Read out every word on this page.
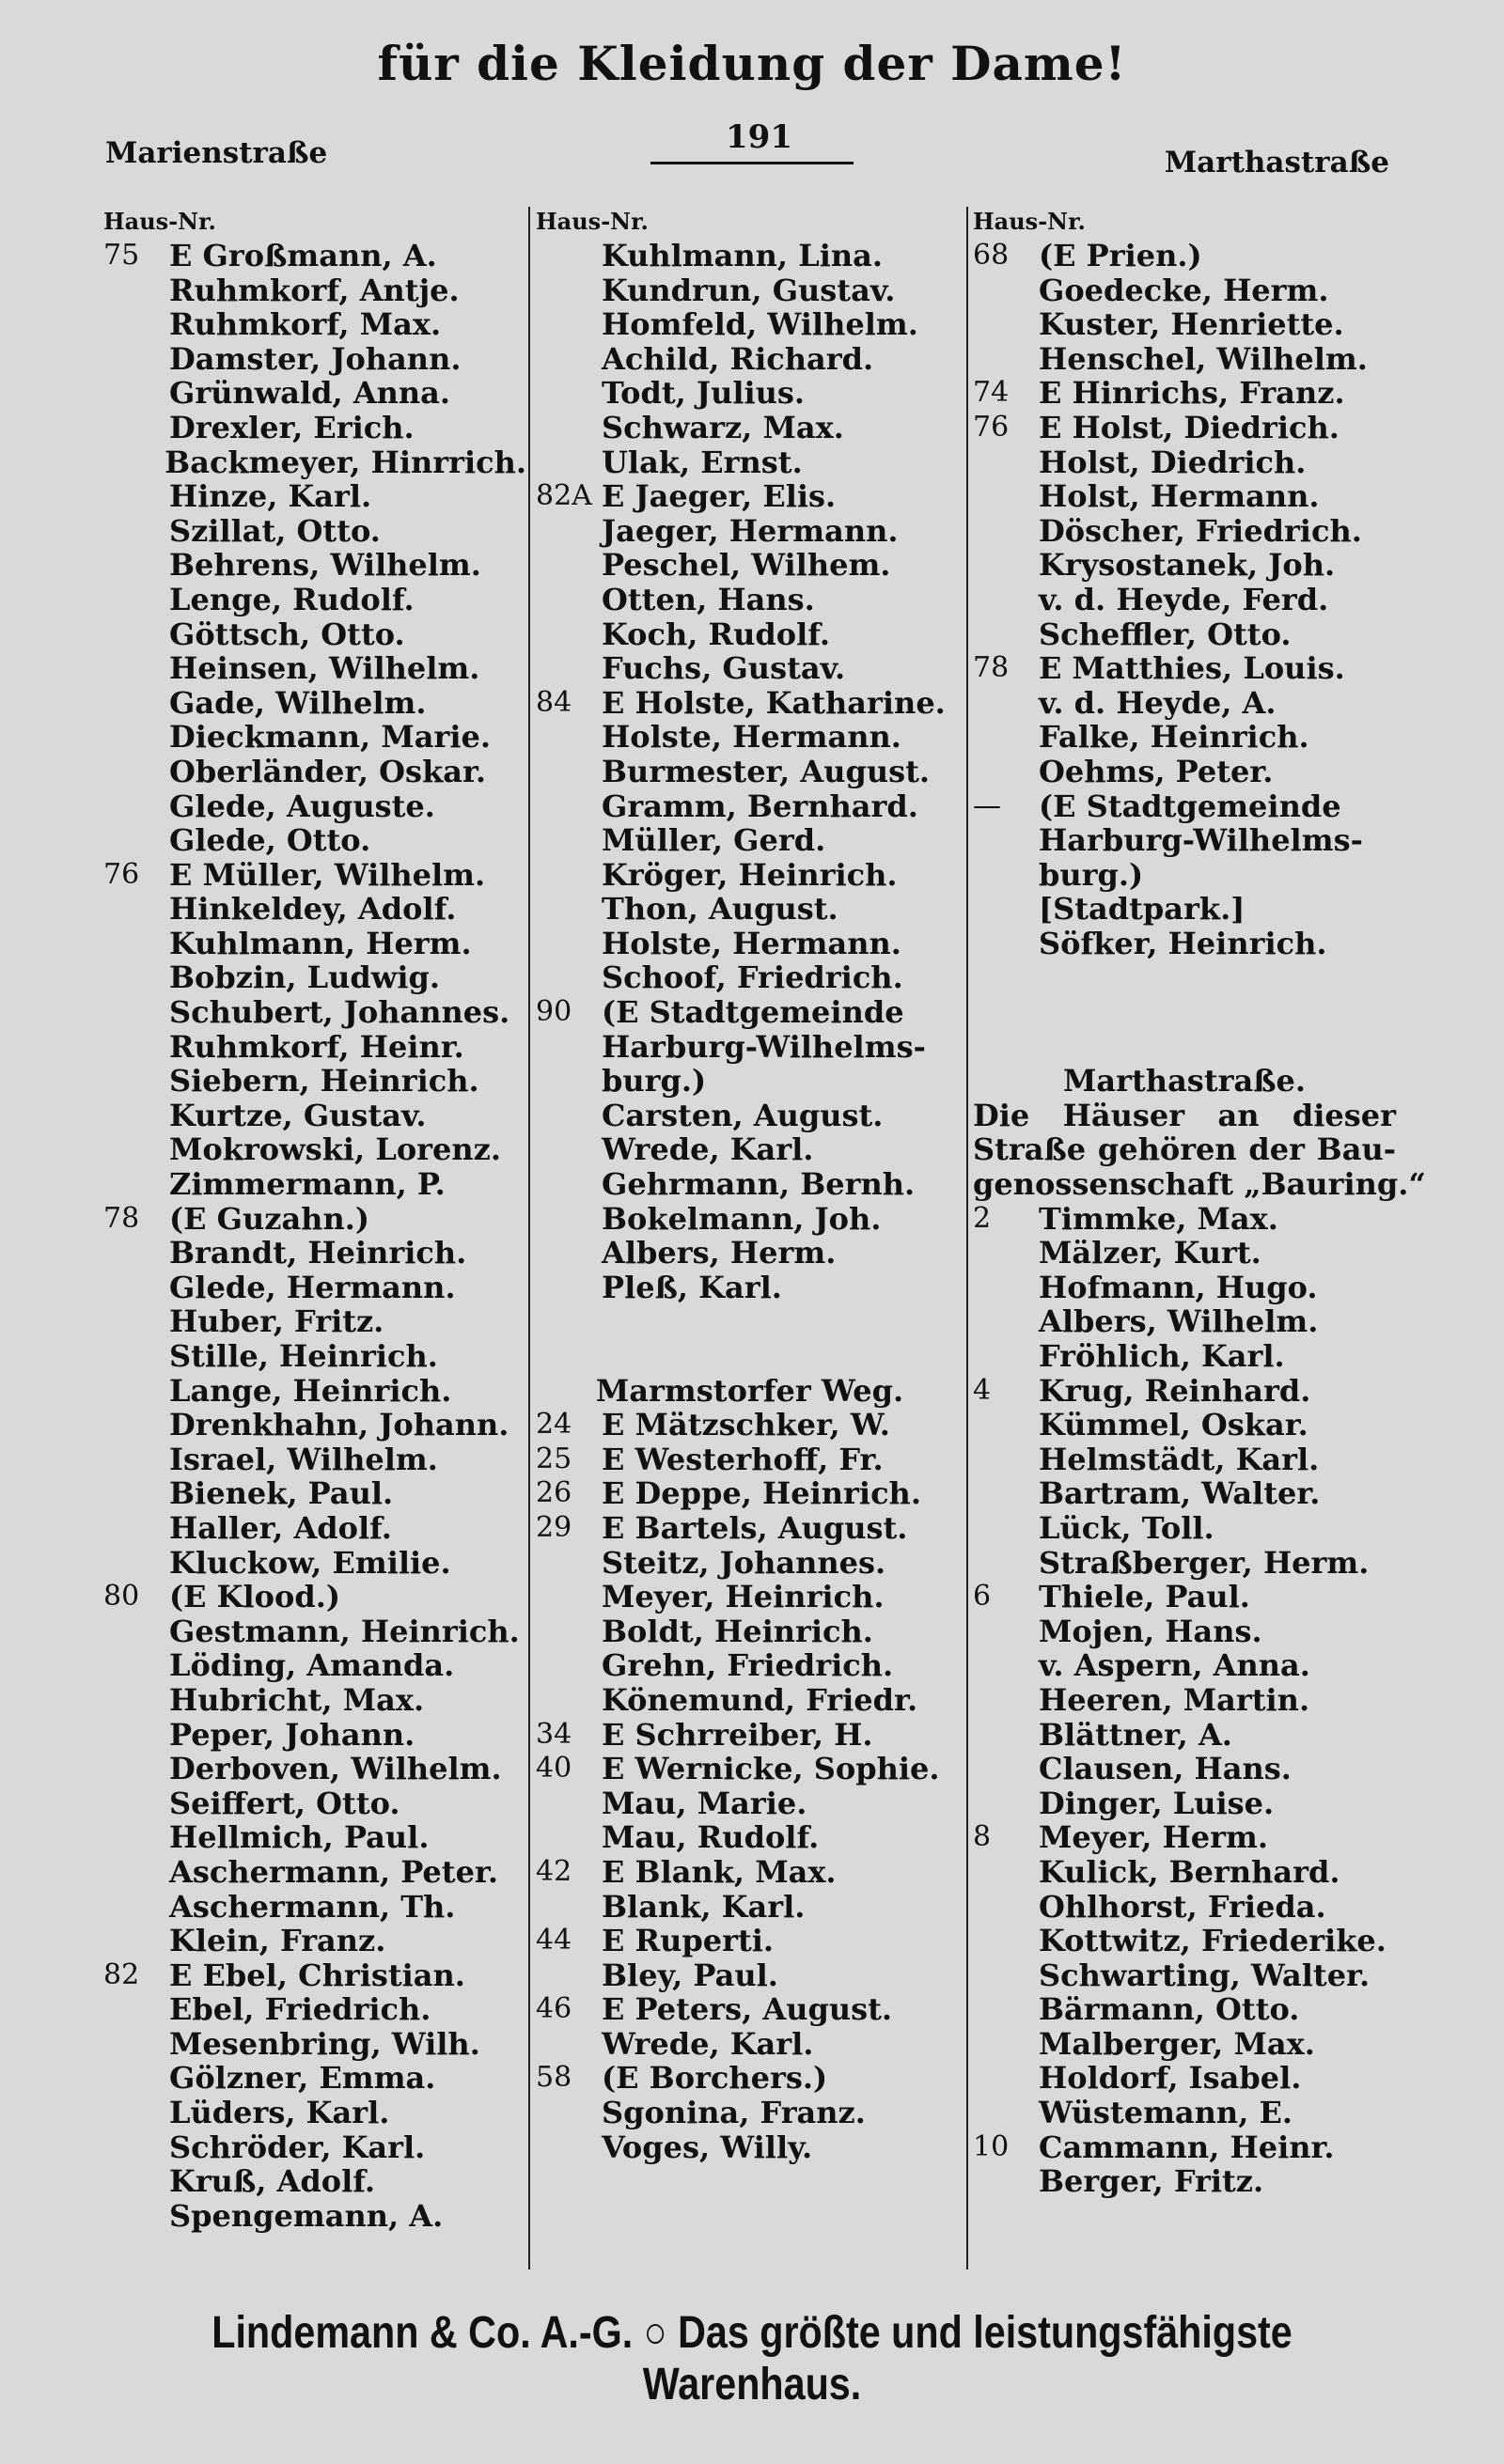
für die Kleidung der Dame!
Marienstraße	191
Marthastraße
Haus-Nr.
75 E Großmann, A.
Ruhmkorf, Antje.
Ruhmkorf, Max.
Damster, Johann.
Grünwald, Anna.
Drexler, Erich.
Backmeyer, Hinrrich.
Hinze, Karl.
Szillat, Otto.
Behrens, Wilhelm.
Lenge, Rudolf.
Göttsch, Otto.
Heinsen, Wilhelm.
Gade, Wilhelm.
Dieckmann, Marie.
Oberländer, Oskar.
Glede, Auguste.
Glede, Otto.
76 E Müller, Wilhelm.
Hinkeldey, Adolf.
Kuhlmann, Herm.
Bobzin, Ludwig.
Schubert, Johannes.
Ruhmkorf, Heinr.
Siebern, Heinrich.
Kurtze, Gustav.
Mokrowski, Lorenz.
Zimmermann, P.
78 (E Guzahn.)
Brandt, Heinrich.
Glede, Hermann.
Huber, Fritz.
Stille, Heinrich.
Lange, Heinrich.
Drenkhahn, Johann.
Israel, Wilhelm.
Bienek, Paul.
Haller, Adolf.
Kluckow, Emilie.
80 (E Klood.)
Gestmann, Heinrich.
Löding, Amanda.
Hubricht, Max.
Peper, Johann.
Derboven, Wilhelm.
Seiffert, Otto.
Hellmich, Paul.
Aschermann, Peter.
Aschermann, Th.
Klein, Franz.
82 E Ebel, Christian.
Ebel, Friedrich.
Mesenbring, Wilh.
Gölzner, Emma.
Lüders, Karl.
Schröder, Karl.
Kruß, Adolf.
Spengemann, A.
Haus-Nr.
Kuhlmann, Lina.
Kundrun, Gustav.
Homfeld, Wilhelm.
Achild, Richard.
Todt, Julius.
Schwarz, Max.
Ulak, Ernst.
82A E Jaeger, Elis.
Jaeger, Hermann.
Peschel, Wilhem.
Otten, Hans.
Koch, Rudolf.
Fuchs, Gustav.
84 E Holste, Katharine.
Holste, Hermann.
Burmester, August.
Gramm, Bernhard.
Müller, Gerd.
Kröger, Heinrich.
Thon, August.
Holste, Hermann.
Schoof, Friedrich.
90 (E Stadtgemeinde
Harburg-Wilhelms-
burg.)
Carsten, August.
Wrede, Karl.
Gehrmann, Bernh.
Bokelmann, Joh.
Albers, Herm.
Pleß, Karl.
Marmstorfer Weg.
24 E Mätzschker, W.
25 E Westerhoff, Fr.
26 E Deppe, Heinrich.
29 E Bartels, August.
Steitz, Johannes.
Meyer, Heinrich.
Boldt, Heinrich.
Grehn, Friedrich.
Könemund, Friedr.
34 E Schrreiber, H.
40 E Wernicke, Sophie.
Mau, Marie.
Mau, Rudolf.
42 E Blank, Max.
Blank, Karl.
44 E Ruperti.
Bley, Paul.
46 E Peters, August.
Wrede, Karl.
58 (E Borchers.)
Sgonina, Franz.
Voges, Willy.
Haus-Nr.
68 (E Prien.)
Goedecke, Herm.
Kuster, Henriette.
Henschel, Wilhelm.
74 E Hinrichs, Franz.
76 E Holst, Diedrich.
Holst, Diedrich.
Holst, Hermann.
Döscher, Friedrich.
Krysostanek, Joh.
v. d. Heyde, Ferd.
Scheffler, Otto.
78 E Matthies, Louis.
v. d. Heyde, A.
Falke, Heinrich.
Oehms, Peter.
—	(E Stadtgemeinde
Harburg-Wilhelms-
burg.)
[Stadtpark.]
Söfker, Heinrich.
Marthastraße.
Die Häuser an dieser
Straße gehören der Bau-
genossenschaft „Bauring.“
2	Timmke, Max.
Mälzer, Kurt.
Hofmann, Hugo.
Albers, Wilhelm.
Fröhlich, Karl.
4	Krug, Reinhard.
Kümmel, Oskar.
Helmstädt, Karl.
Bartram, Walter.
Lück, Toll.
Straßberger, Herm.
6	Thiele, Paul.
Mojen, Hans.
v. Aspern, Anna.
Heeren, Martin.
Blättner, A.
Clausen, Hans.
Dinger, Luise.
8	Meyer, Herm.
Kulick, Bernhard.
Ohlhorst, Frieda.
Kottwitz, Friederike.
Schwarting, Walter.
Bärmann, Otto.
Malberger, Max.
Holdorf, Isabel.
Wüstemann, E.
10 Cammann, Heinr.
Berger, Fritz.
Lindemann & Co. A.-G. ○ Das größte und leistungsfähigste Warenhaus.
